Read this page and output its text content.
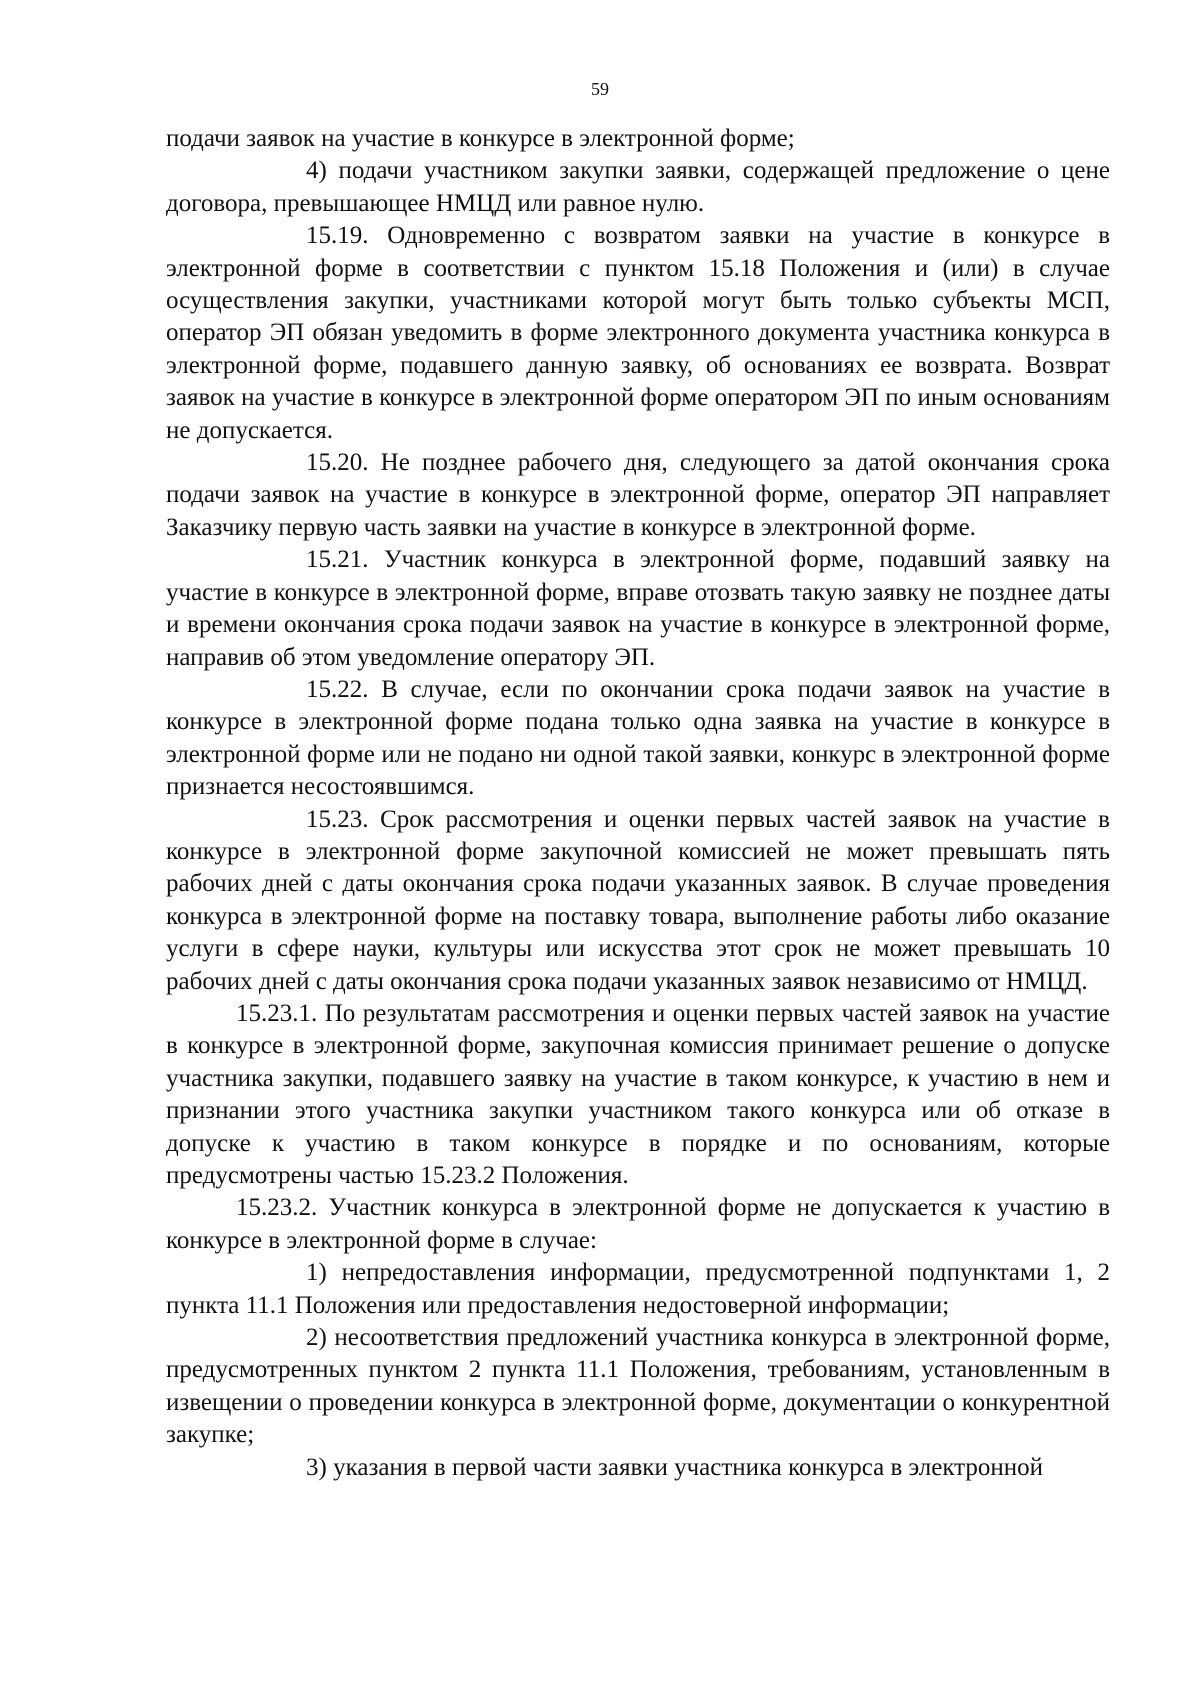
59

подачи заявок на участие в конкурсе в электронной форме;

4) подачи участником закупки заявки, содержащей предложение о цене договора, превышающее НМЦД или равное нулю.

15.19. Одновременно с возвратом заявки на участие в конкурсе в электронной форме в соответствии с пунктом 15.18 Положения и (или) в случае осуществления закупки, участниками которой могут быть только субъекты МСП, оператор ЭП обязан уведомить в форме электронного документа участника конкурса в электронной форме, подавшего данную заявку, об основаниях ее возврата. Возврат заявок на участие в конкурсе в электронной форме оператором ЭП по иным основаниям не допускается.

15.20. Не позднее рабочего дня, следующего за датой окончания срока подачи заявок на участие в конкурсе в электронной форме, оператор ЭП направляет Заказчику первую часть заявки на участие в конкурсе в электронной форме.

15.21. Участник конкурса в электронной форме, подавший заявку на участие в конкурсе в электронной форме, вправе отозвать такую заявку не позднее даты и времени окончания срока подачи заявок на участие в конкурсе в электронной форме, направив об этом уведомление оператору ЭП.

15.22. В случае, если по окончании срока подачи заявок на участие в конкурсе в электронной форме подана только одна заявка на участие в конкурсе в электронной форме или не подано ни одной такой заявки, конкурс в электронной форме признается несостоявшимся.

15.23. Срок рассмотрения и оценки первых частей заявок на участие в конкурсе в электронной форме закупочной комиссией не может превышать пять рабочих дней с даты окончания срока подачи указанных заявок. В случае проведения конкурса в электронной форме на поставку товара, выполнение работы либо оказание услуги в сфере науки, культуры или искусства этот срок не может превышать 10 рабочих дней с даты окончания срока подачи указанных заявок независимо от НМЦД.

15.23.1. По результатам рассмотрения и оценки первых частей заявок на участие в конкурсе в электронной форме, закупочная комиссия принимает решение о допуске участника закупки, подавшего заявку на участие в таком конкурсе, к участию в нем и признании этого участника закупки участником такого конкурса или об отказе в допуске к участию в таком конкурсе в порядке и по основаниям, которые предусмотрены частью 15.23.2 Положения.

15.23.2. Участник конкурса в электронной форме не допускается к участию в конкурсе в электронной форме в случае:

1) непредоставления информации, предусмотренной подпунктами 1, 2 пункта 11.1 Положения или предоставления недостоверной информации;

2) несоответствия предложений участника конкурса в электронной форме, предусмотренных пунктом 2 пункта 11.1 Положения, требованиям, установленным в извещении о проведении конкурса в электронной форме, документации о конкурентной закупке;

3) указания в первой части заявки участника конкурса в электронной
